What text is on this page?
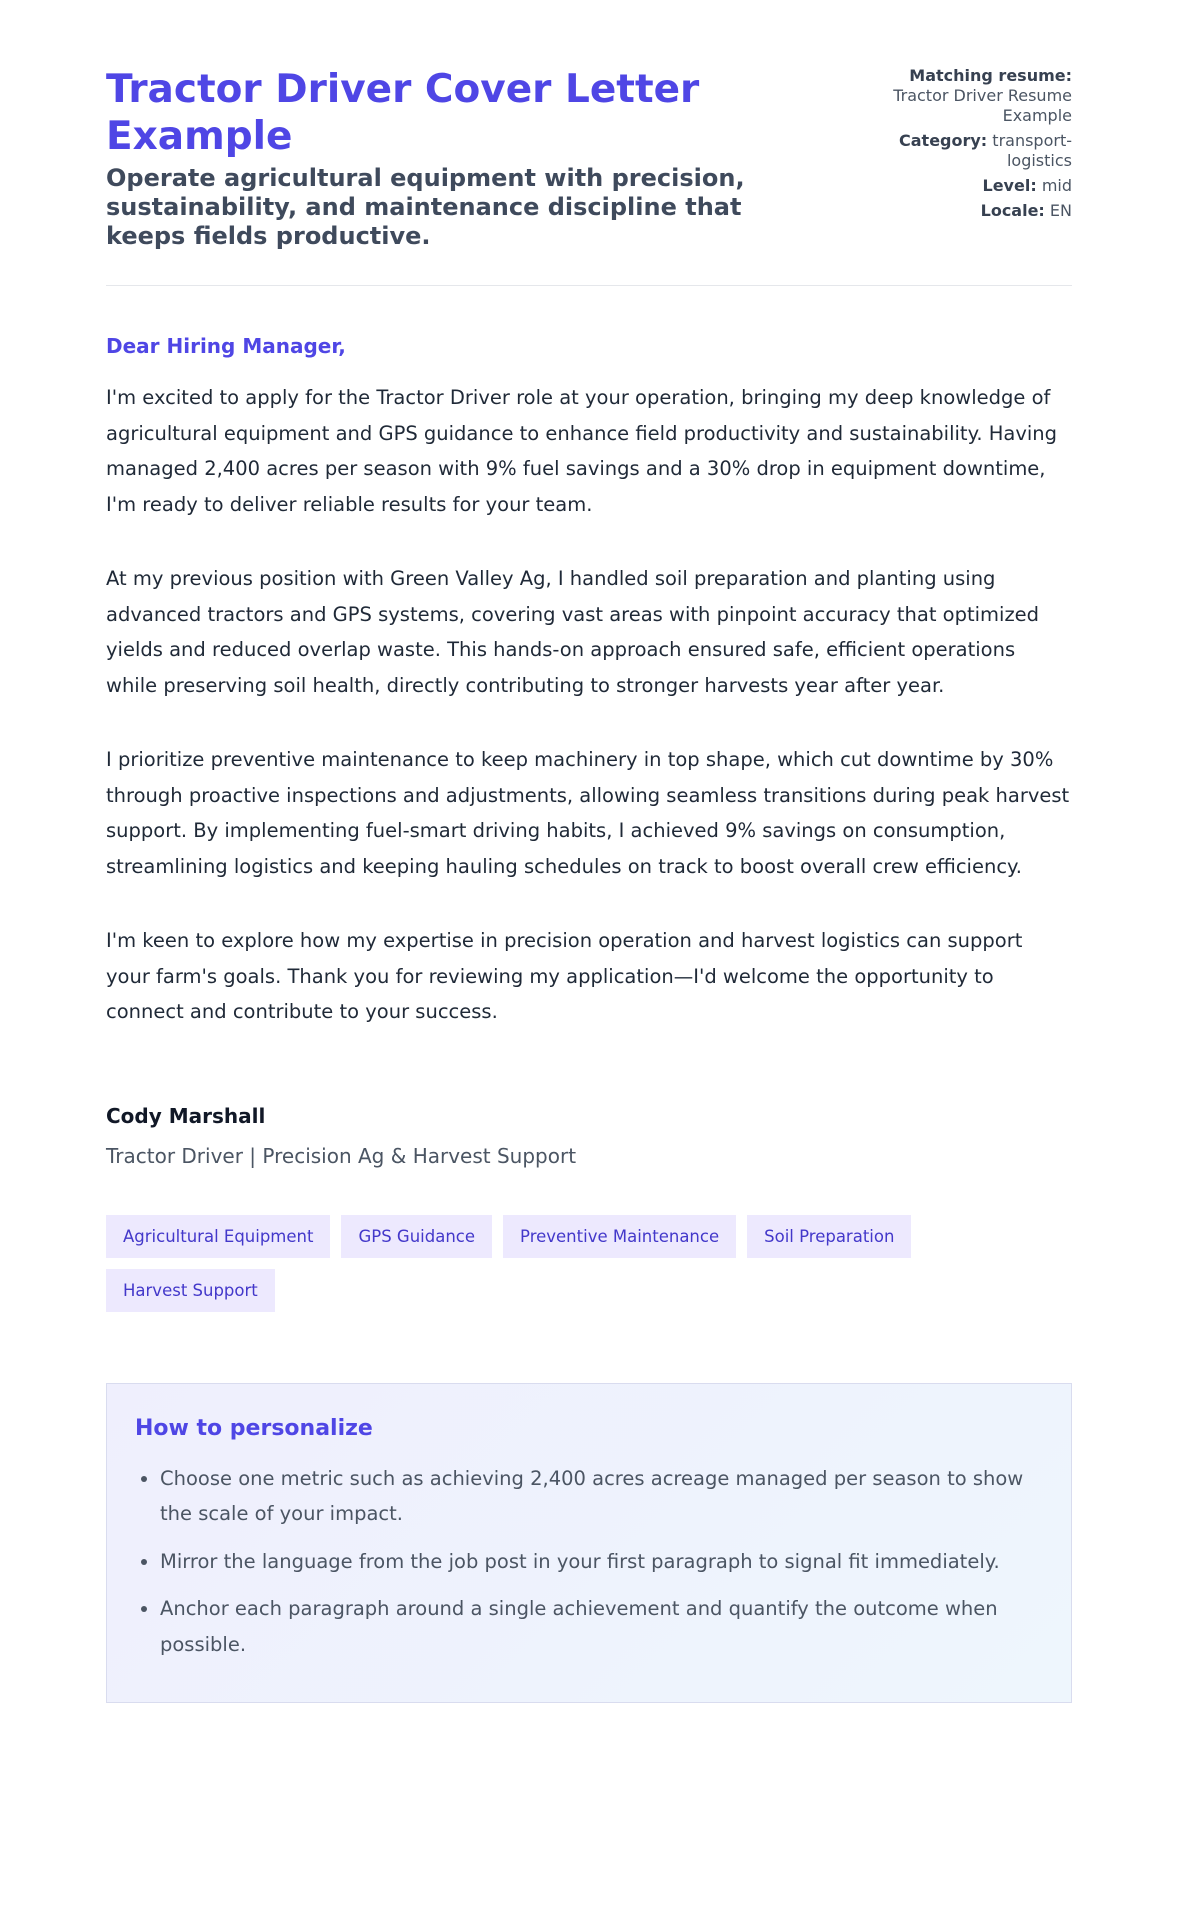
Tractor Driver Cover Letter Example

Operate agricultural equipment with precision, sustainability, and maintenance discipline that keeps fields productive.

Matching resume: Tractor Driver Resume Example
Category: transport-logistics
Level: mid
Locale: EN

Dear Hiring Manager,

I'm excited to apply for the Tractor Driver role at your operation, bringing my deep knowledge of agricultural equipment and GPS guidance to enhance field productivity and sustainability. Having managed 2,400 acres per season with 9% fuel savings and a 30% drop in equipment downtime, I'm ready to deliver reliable results for your team.

At my previous position with Green Valley Ag, I handled soil preparation and planting using advanced tractors and GPS systems, covering vast areas with pinpoint accuracy that optimized yields and reduced overlap waste. This hands-on approach ensured safe, efficient operations while preserving soil health, directly contributing to stronger harvests year after year.

I prioritize preventive maintenance to keep machinery in top shape, which cut downtime by 30% through proactive inspections and adjustments, allowing seamless transitions during peak harvest support. By implementing fuel-smart driving habits, I achieved 9% savings on consumption, streamlining logistics and keeping hauling schedules on track to boost overall crew efficiency.

I'm keen to explore how my expertise in precision operation and harvest logistics can support your farm's goals. Thank you for reviewing my application—I'd welcome the opportunity to connect and contribute to your success.

Cody Marshall
Tractor Driver | Precision Ag & Harvest Support
Agricultural Equipment	GPS Guidance	Preventive Maintenance	Soil Preparation
Harvest Support
How to personalize
• Choose one metric such as achieving 2,400 acres acreage managed per season to show the scale of your impact.
• Mirror the language from the job post in your first paragraph to signal fit immediately.
• Anchor each paragraph around a single achievement and quantify the outcome when possible.
